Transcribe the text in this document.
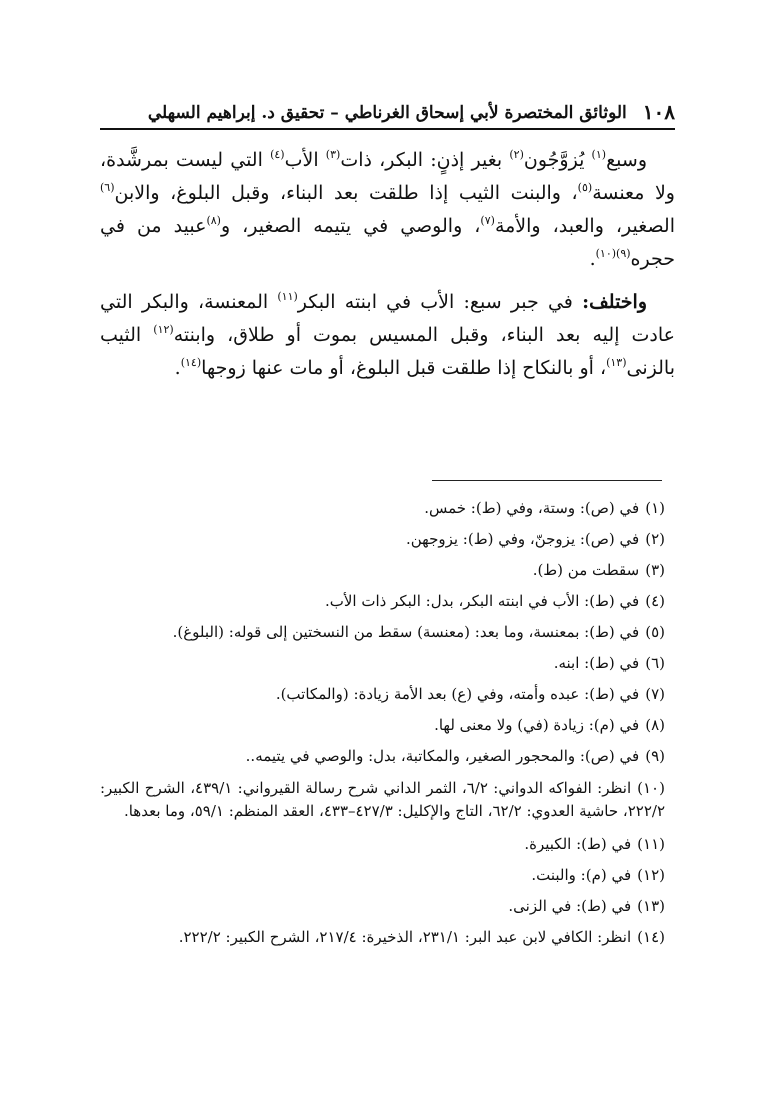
١٠٨
الوثائق المختصرة لأبي إسحاق الغرناطي – تحقيق د. إبراهيم السهلي

وسبع$^{(١)}$ يُزوَّجُون$^{(٢)}$ بغير إذنٍ: البكر، ذات$^{(٣)}$ الأب$^{(٤)}$ التي ليست بمرشَّدة، ولا معنسة$^{(٥)}$، والبنت الثيب إذا طلقت بعد البناء، وقبل البلوغ، والابن$^{(٦)}$ الصغير، والعبد، والأمة$^{(٧)}$، والوصي في يتيمه الصغير، و$^{(٨)}$عبيد من في حجره$^{(٩)(١٠)}$.

واختلف: في جبر سبع: الأب في ابنته البكر$^{(١١)}$ المعنسة، والبكر التي عادت إليه بعد البناء، وقبل المسيس بموت أو طلاق، وابنته$^{(١٢)}$ الثيب بالزنى$^{(١٣)}$، أو بالنكاح إذا طلقت قبل البلوغ، أو مات عنها زوجها$^{(١٤)}$.

(١)في (ص): وستة، وفي (ط): خمس.
(٢)في (ص): يزوجنّ، وفي (ط): يزوجهن.
(٣)سقطت من (ط).
(٤)في (ط): الأب في ابنته البكر، بدل: البكر ذات الأب.
(٥)في (ط): بمعنسة، وما بعد: (معنسة) سقط من النسختين إلى قوله: (البلوغ).
(٦)في (ط): ابنه.
(٧)في (ط): عبده وأمته، وفي (ع) بعد الأمة زيادة: (والمكاتب).
(٨)في (م): زيادة (في) ولا معنى لها.
(٩)في (ص): والمحجور الصغير، والمكاتبة، بدل: والوصي في يتيمه..
(١٠)انظر: الفواكه الدواني: ٦/٢، الثمر الداني شرح رسالة القيرواني: ٤٣٩/١، الشرح الكبير: ٢٢٢/٢، حاشية العدوي: ٦٢/٢، التاج والإكليل: ٤٢٧/٣–٤٣٣، العقد المنظم: ٥٩/١، وما بعدها.
(١١)في (ط): الكبيرة.
(١٢)في (م): والبنت.
(١٣)في (ط): في الزنى.
(١٤)انظر: الكافي لابن عبد البر: ٢٣١/١، الذخيرة: ٢١٧/٤، الشرح الكبير: ٢٢٢/٢.
